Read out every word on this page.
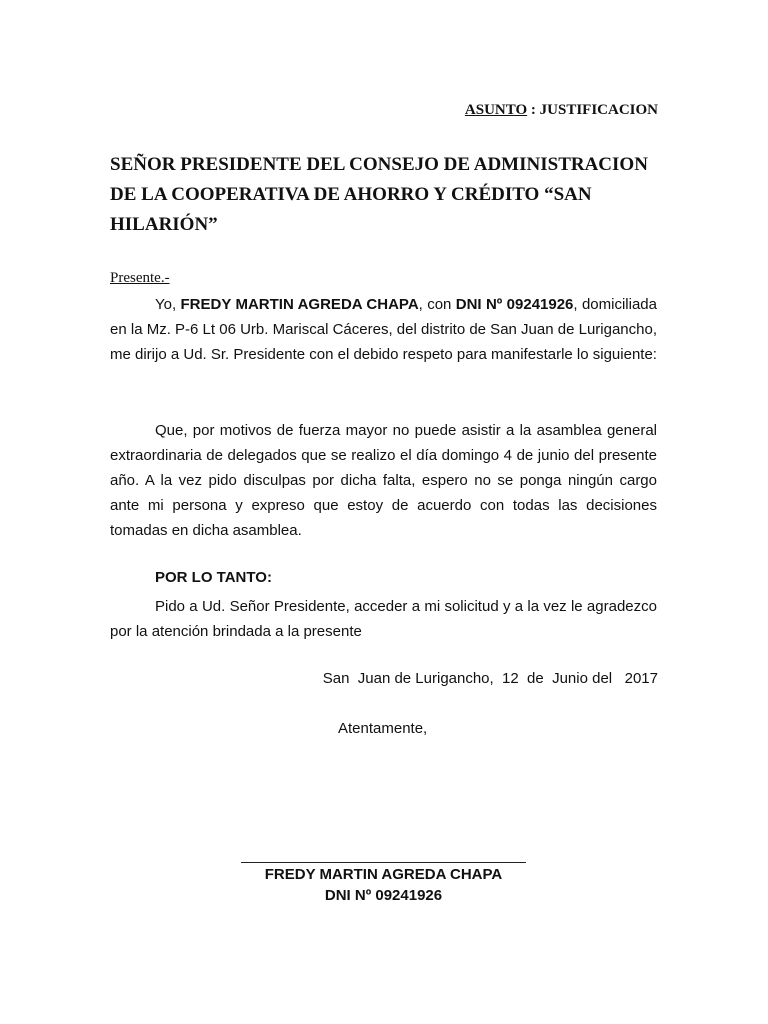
ASUNTO : JUSTIFICACION
SEÑOR PRESIDENTE DEL CONSEJO DE ADMINISTRACION
DE LA COOPERATIVA DE AHORRO Y CRÉDITO “SAN
HILARIÓN”
Presente.-
Yo, FREDY MARTIN AGREDA CHAPA, con DNI Nº 09241926, domiciliada en la Mz. P-6 Lt 06 Urb. Mariscal Cáceres, del distrito de San Juan de Lurigancho, me dirijo a Ud. Sr. Presidente con el debido respeto para manifestarle lo siguiente:
Que, por motivos de fuerza mayor no puede asistir a la asamblea general extraordinaria de delegados que se realizo el día domingo 4 de junio del presente año. A la vez pido disculpas por dicha falta, espero no se ponga ningún cargo ante mi persona y expreso que estoy de acuerdo con todas las decisiones tomadas en dicha asamblea.
POR LO TANTO:
Pido a Ud. Señor Presidente, acceder a mi solicitud y a la vez le agradezco por la atención brindada a la presente
San  Juan de Lurigancho,  12  de  Junio del   2017
Atentamente,
FREDY MARTIN AGREDA CHAPA
DNI Nº 09241926
